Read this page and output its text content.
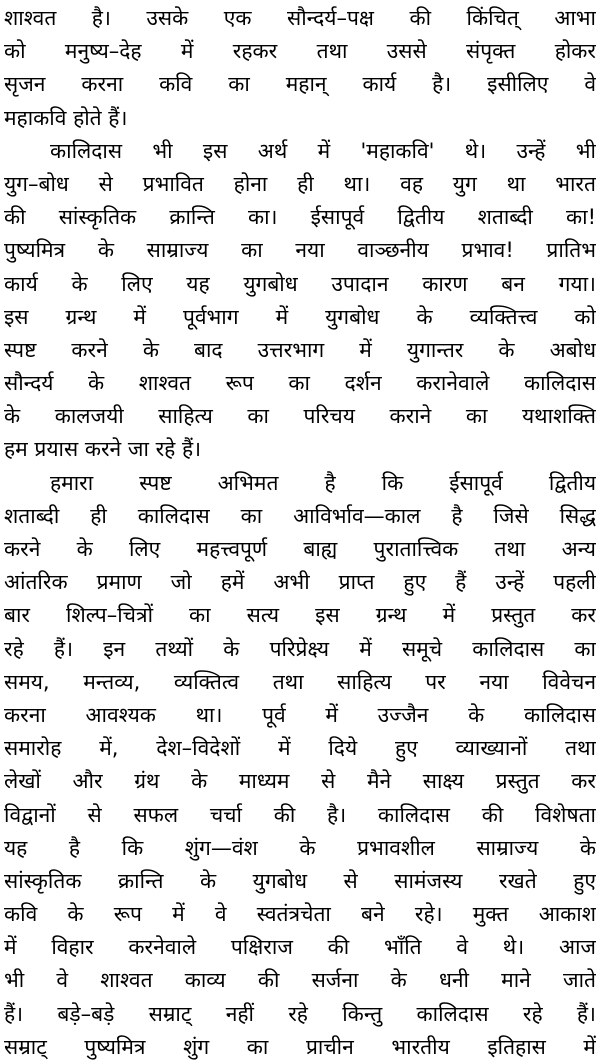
शाश्वत है। उसके एक सौन्दर्य–पक्ष की किंचित् आभा
को मनुष्य–देह में रहकर तथा उससे संपृक्त होकर
सृजन करना कवि का महान् कार्य है। इसीलिए वे
महाकवि होते हैं।
कालिदास भी इस अर्थ में 'महाकवि' थे। उन्हें भी
युग–बोध से प्रभावित होना ही था। वह युग था भारत
की सांस्कृतिक क्रान्ति का। ईसापूर्व द्वितीय शताब्दी का!
पुष्यमित्र के साम्राज्य का नया वाञ्छनीय प्रभाव! प्रातिभ
कार्य के लिए यह युगबोध उपादान कारण बन गया।
इस ग्रन्थ में पूर्वभाग में युगबोध के व्यक्तित्त्व को
स्पष्ट करने के बाद उत्तरभाग में युगान्तर के अबोध
सौन्दर्य के शाश्वत रूप का दर्शन करानेवाले कालिदास
के कालजयी साहित्य का परिचय कराने का यथाशक्ति
हम प्रयास करने जा रहे हैं।
हमारा स्पष्ट अभिमत है कि ईसापूर्व द्वितीय
शताब्दी ही कालिदास का आविर्भाव—काल है जिसे सिद्ध
करने के लिए महत्त्वपूर्ण बाह्य पुरातात्त्विक तथा अन्य
आंतरिक प्रमाण जो हमें अभी प्राप्त हुए हैं उन्हें पहली
बार शिल्प–चित्रों का सत्य इस ग्रन्थ में प्रस्तुत कर
रहे हैं। इन तथ्यों के परिप्रेक्ष्य में समूचे कालिदास का
समय, मन्तव्य, व्यक्तित्व तथा साहित्य पर नया विवेचन
करना आवश्यक था। पूर्व में उज्जैन के कालिदास
समारोह में, देश–विदेशों में दिये हुए व्याख्यानों तथा
लेखों और ग्रंथ के माध्यम से मैने साक्ष्य प्रस्तुत कर
विद्वानों से सफल चर्चा की है। कालिदास की विशेषता
यह है कि शुंग—वंश के प्रभावशील साम्राज्य के
सांस्कृतिक क्रान्ति के युगबोध से सामंजस्य रखते हुए
कवि के रूप में वे स्वतंत्रचेता बने रहे। मुक्त आकाश
में विहार करनेवाले पक्षिराज की भाँति वे थे। आज
भी वे शाश्वत काव्य की सर्जना के धनी माने जाते
हैं। बड़े–बड़े सम्राट् नहीं रहे किन्तु कालिदास रहे हैं।
सम्राट् पुष्यमित्र शुंग का प्राचीन भारतीय इतिहास में
